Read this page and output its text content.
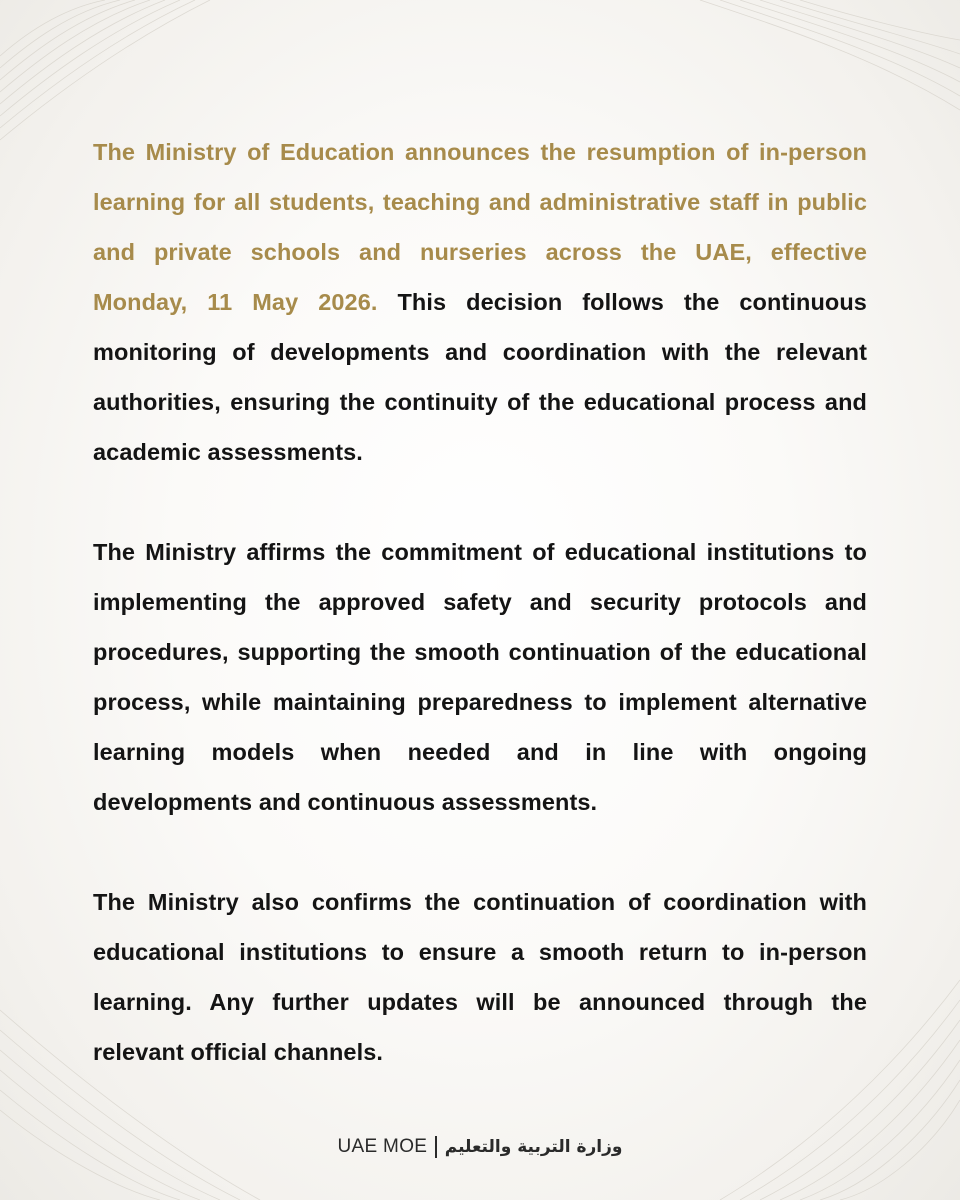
The Ministry of Education announces the resumption of in-person learning for all students, teaching and administrative staff in public and private schools and nurseries across the UAE, effective Monday, 11 May 2026. This decision follows the continuous monitoring of developments and coordination with the relevant authorities, ensuring the continuity of the educational process and academic assessments.

The Ministry affirms the commitment of educational institutions to implementing the approved safety and security protocols and procedures, supporting the smooth continuation of the educational process, while maintaining preparedness to implement alternative learning models when needed and in line with ongoing developments and continuous assessments.

The Ministry also confirms the continuation of coordination with educational institutions to ensure a smooth return to in-person learning. Any further updates will be announced through the relevant official channels.

UAE MOE وزارة التربية والتعليم
